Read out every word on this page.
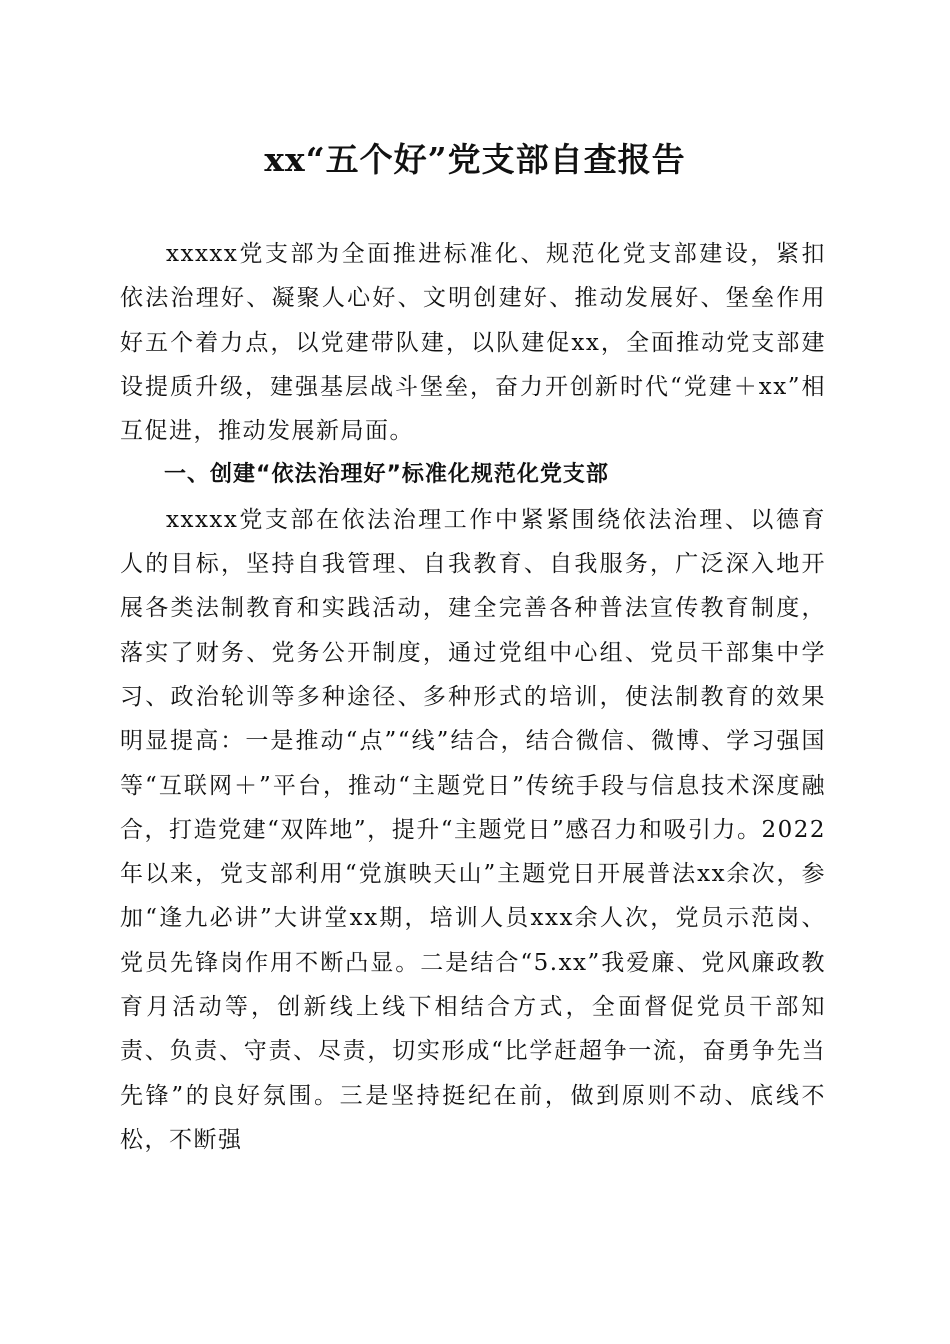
xx“五个好”党支部自查报告

xxxxx党支部为全面推进标准化、规范化党支部建设，紧扣依法治理好、凝聚人心好、文明创建好、推动发展好、堡垒作用好五个着力点，以党建带队建，以队建促xx，全面推动党支部建设提质升级，建强基层战斗堡垒，奋力开创新时代“党建＋xx”相互促进，推动发展新局面。

一、创建“依法治理好”标准化规范化党支部

xxxxx党支部在依法治理工作中紧紧围绕依法治理、以德育人的目标，坚持自我管理、自我教育、自我服务，广泛深入地开展各类法制教育和实践活动，建全完善各种普法宣传教育制度，落实了财务、党务公开制度，通过党组中心组、党员干部集中学习、政治轮训等多种途径、多种形式的培训，使法制教育的效果明显提高：一是推动“点”“线”结合，结合微信、微博、学习强国等“互联网＋”平台，推动“主题党日”传统手段与信息技术深度融合，打造党建“双阵地”，提升“主题党日”感召力和吸引力。2022年以来，党支部利用“党旗映天山”主题党日开展普法xx余次，参加“逢九必讲”大讲堂xx期，培训人员xxx余人次，党员示范岗、党员先锋岗作用不断凸显。二是结合“5.xx”我爱廉、党风廉政教育月活动等，创新线上线下相结合方式，全面督促党员干部知责、负责、守责、尽责，切实形成“比学赶超争一流，奋勇争先当先锋”的良好氛围。三是坚持挺纪在前，做到原则不动、底线不松，不断强
